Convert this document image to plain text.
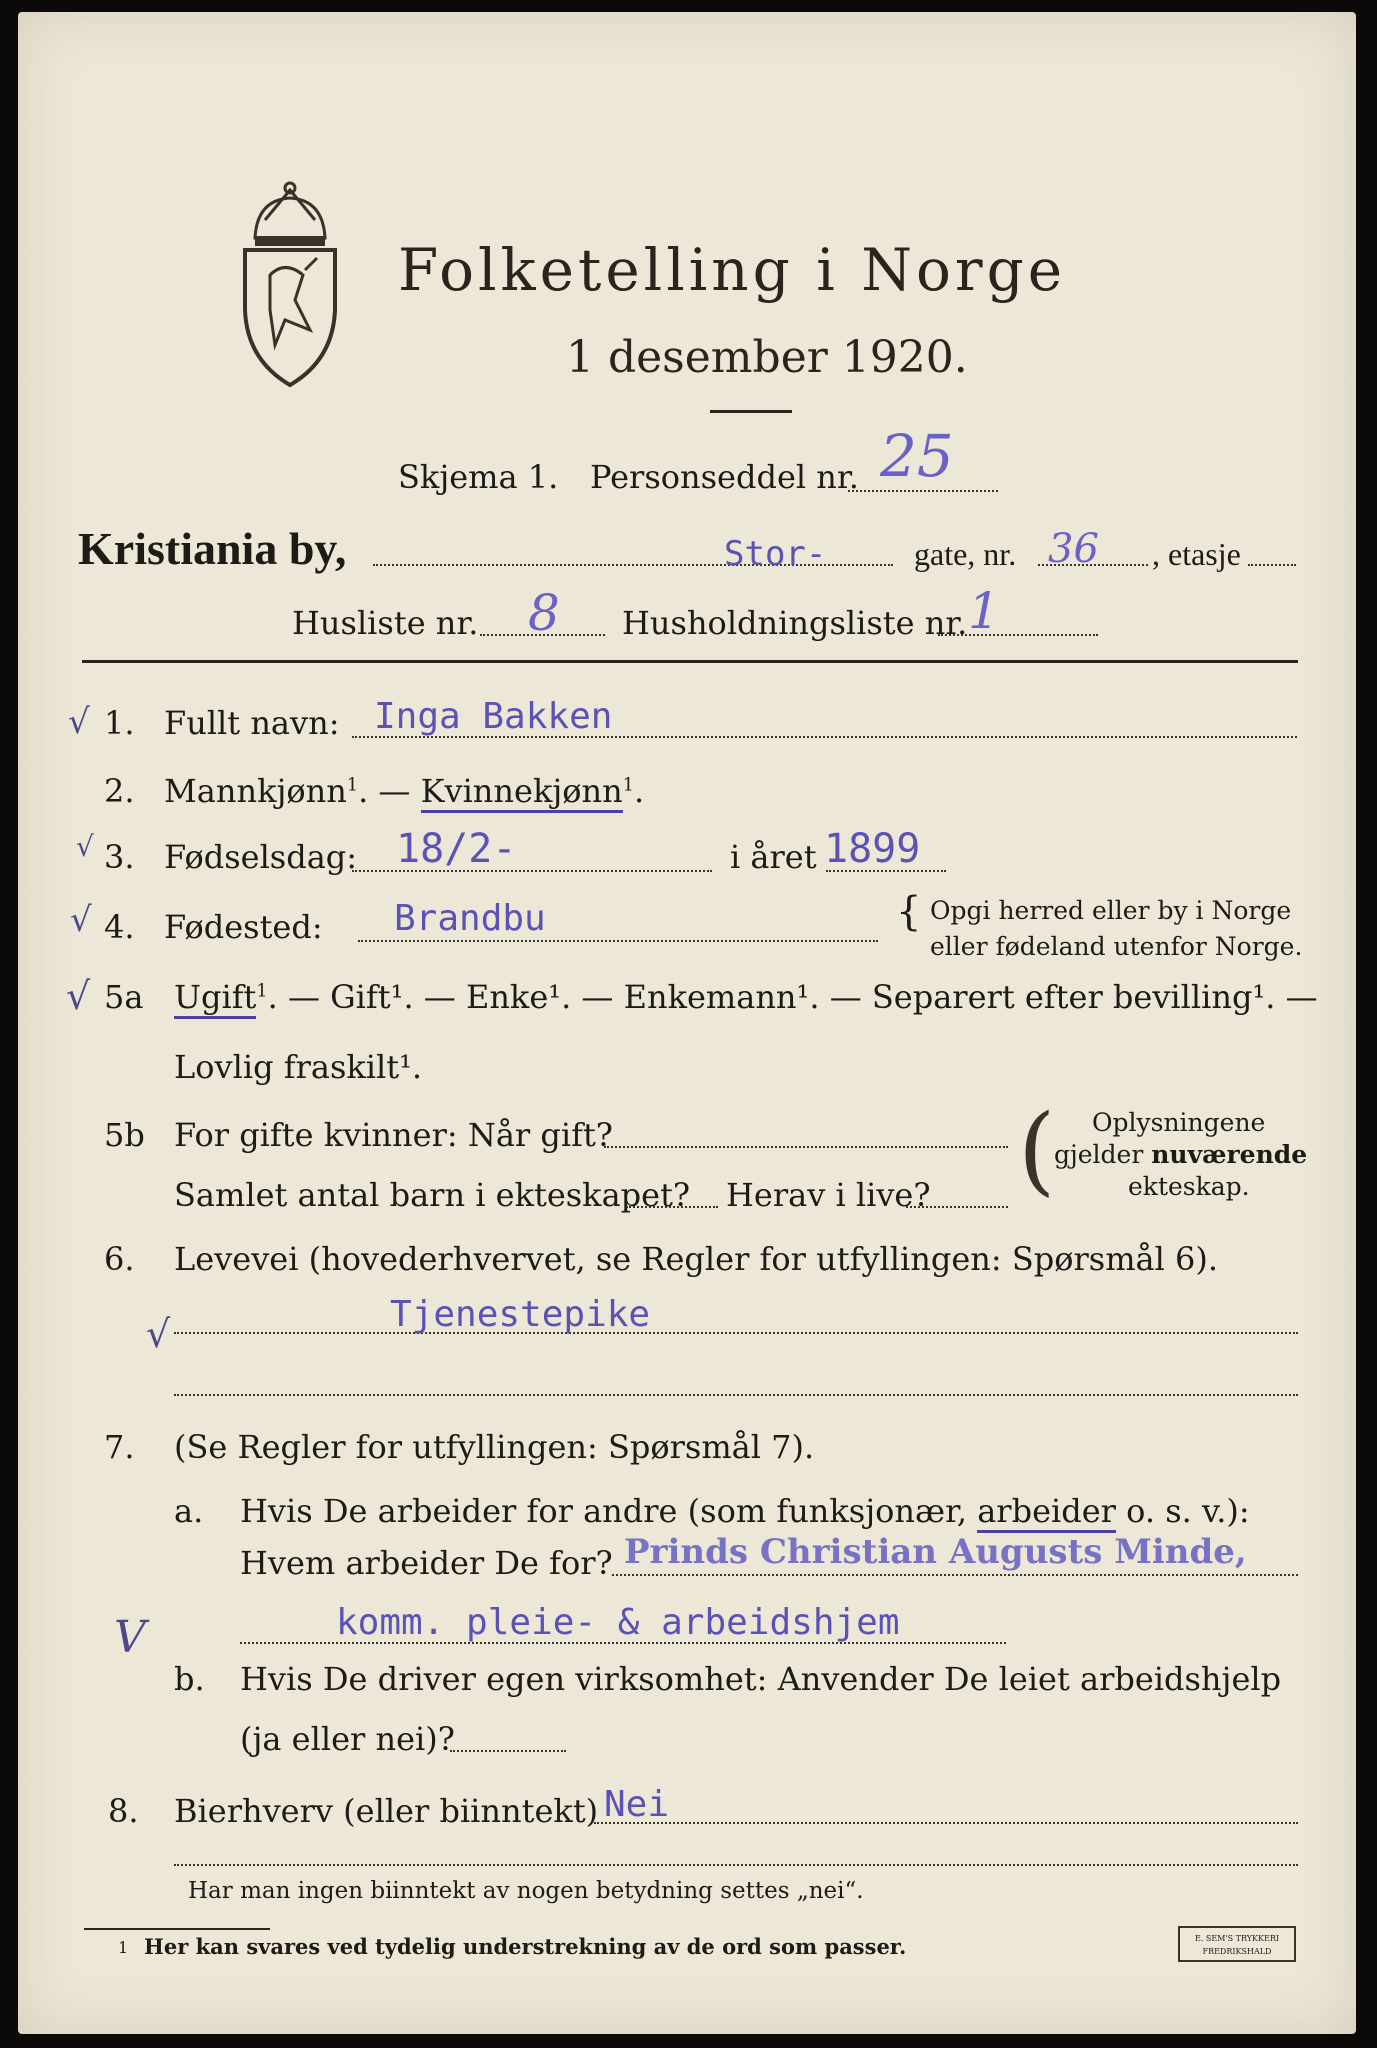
Folketelling i Norge
1 desember 1920.
Skjema 1. Personseddel nr. 25
Kristiania by,	Stor-	gate, nr. 36 , etasje
Husliste nr. 8 Husholdningsliste nr. 1
√ 1. Fullt navn: Inga Bakken
2. Mannkjønn$^1$. — Kvinnekjønn$^1$.
√ 3. Fødselsdag: 18/2-	i året 1899
√ 4. Fødested: Brandbu	{ Opgi herred eller by i Norge
eller fødeland utenfor Norge.
√ 5a Ugift$^1$. — Gift¹. — Enke¹. — Enkemann¹. — Separert efter bevilling¹. —
Lovlig fraskilt¹.
5b For gifte kvinner: Når gift?
Samlet antal barn i ekteskapet? Herav i live? ( Oplysningene
gjelder nuværende
ekteskap.
6. Levevei (hovederhvervet, se Regler for utfyllingen: Spørsmål 6).
√	Tjenestepike
7. (Se Regler for utfyllingen: Spørsmål 7).
a. Hvis De arbeider for andre (som funksjonær, arbeider o. s. v.):
Hvem arbeider De for? Prinds Christian Augusts Minde,
V	komm. pleie- & arbeidshjem
b. Hvis De driver egen virksomhet: Anvender De leiet arbeidshjelp
(ja eller nei)?
8. Bierhverv (eller biinntekt) Nei
Har man ingen biinntekt av nogen betydning settes „nei“.
1 Her kan svares ved tydelig understrekning av de ord som passer.	E. SEM'S TRYKKERI
FREDRIKSHALD
